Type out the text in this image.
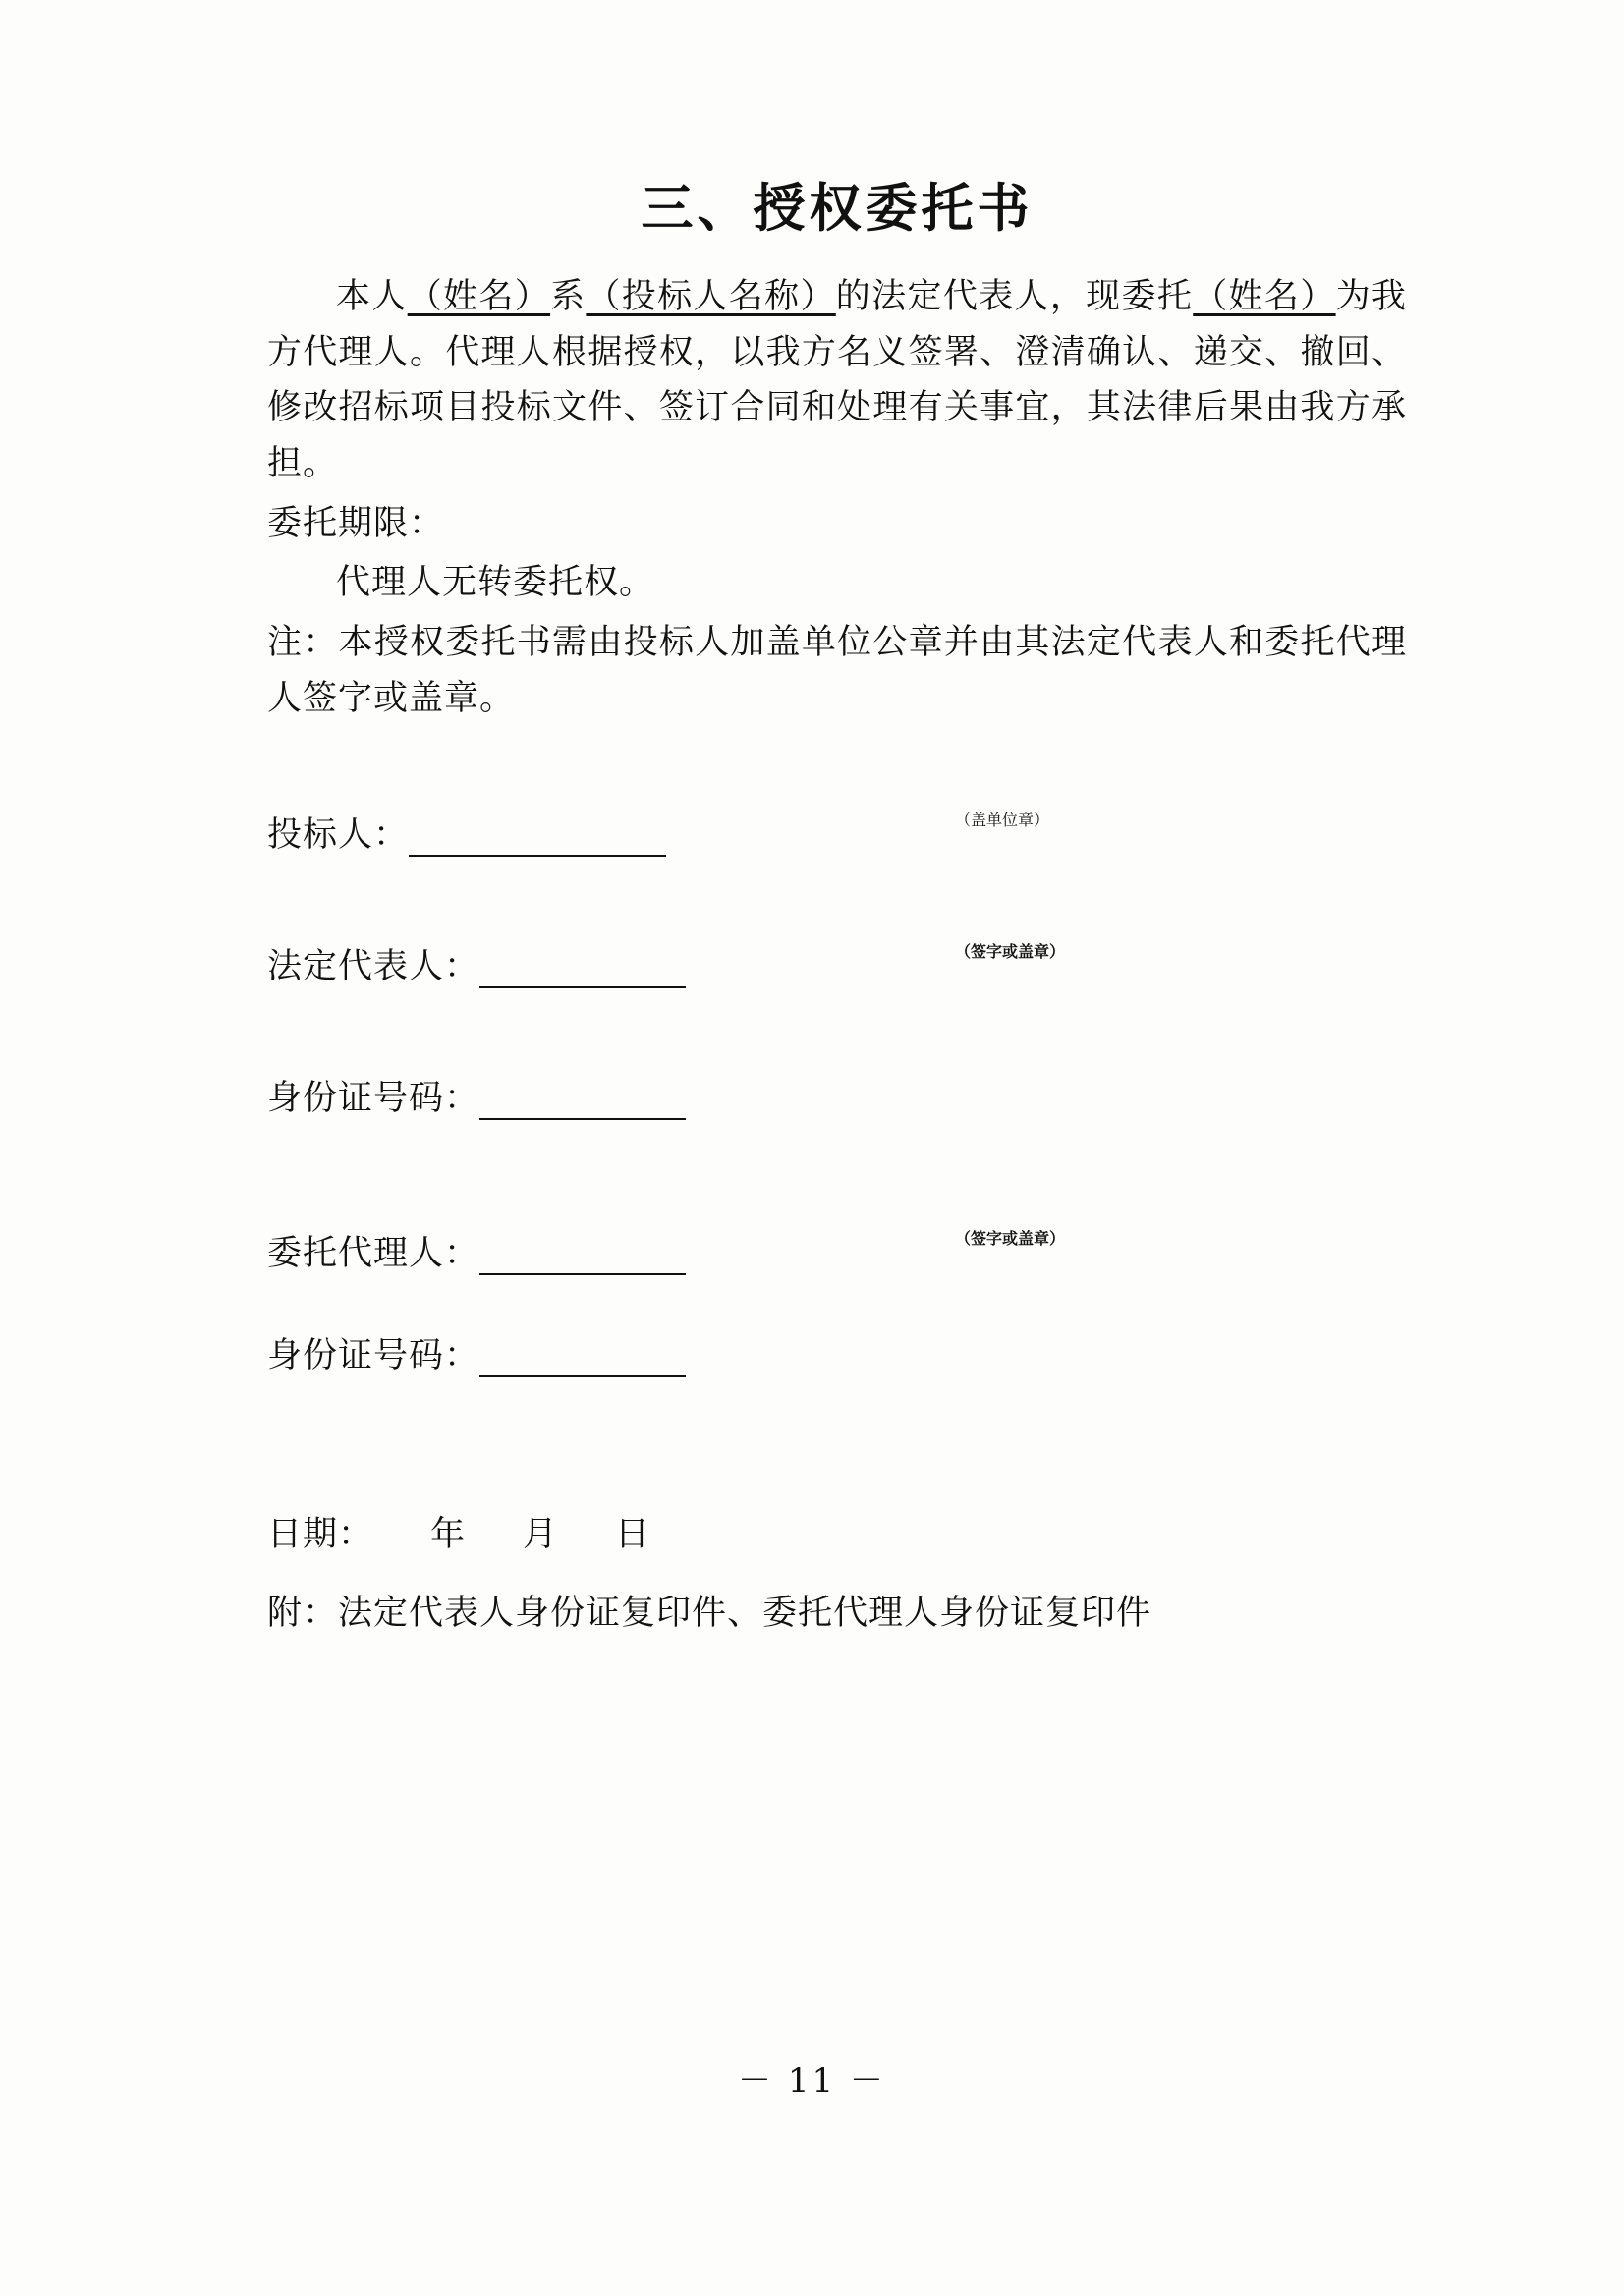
三、授权委托书

本人（姓名）系（投标人名称）的法定代表人，现委托（姓名）为我方代理人。代理人根据授权，以我方名义签署、澄清确认、递交、撤回、修改招标项目投标文件、签订合同和处理有关事宜，其法律后果由我方承担。

委托期限：

代理人无转委托权。

注：本授权委托书需由投标人加盖单位公章并由其法定代表人和委托代理人签字或盖章。

投标人：	（盖单位章）
法定代表人：	（签字或盖章）
身份证号码：
委托代理人：	（签字或盖章）
身份证号码：
日期： 年 月 日

附：法定代表人身份证复印件、委托代理人身份证复印件

－ 11 －
